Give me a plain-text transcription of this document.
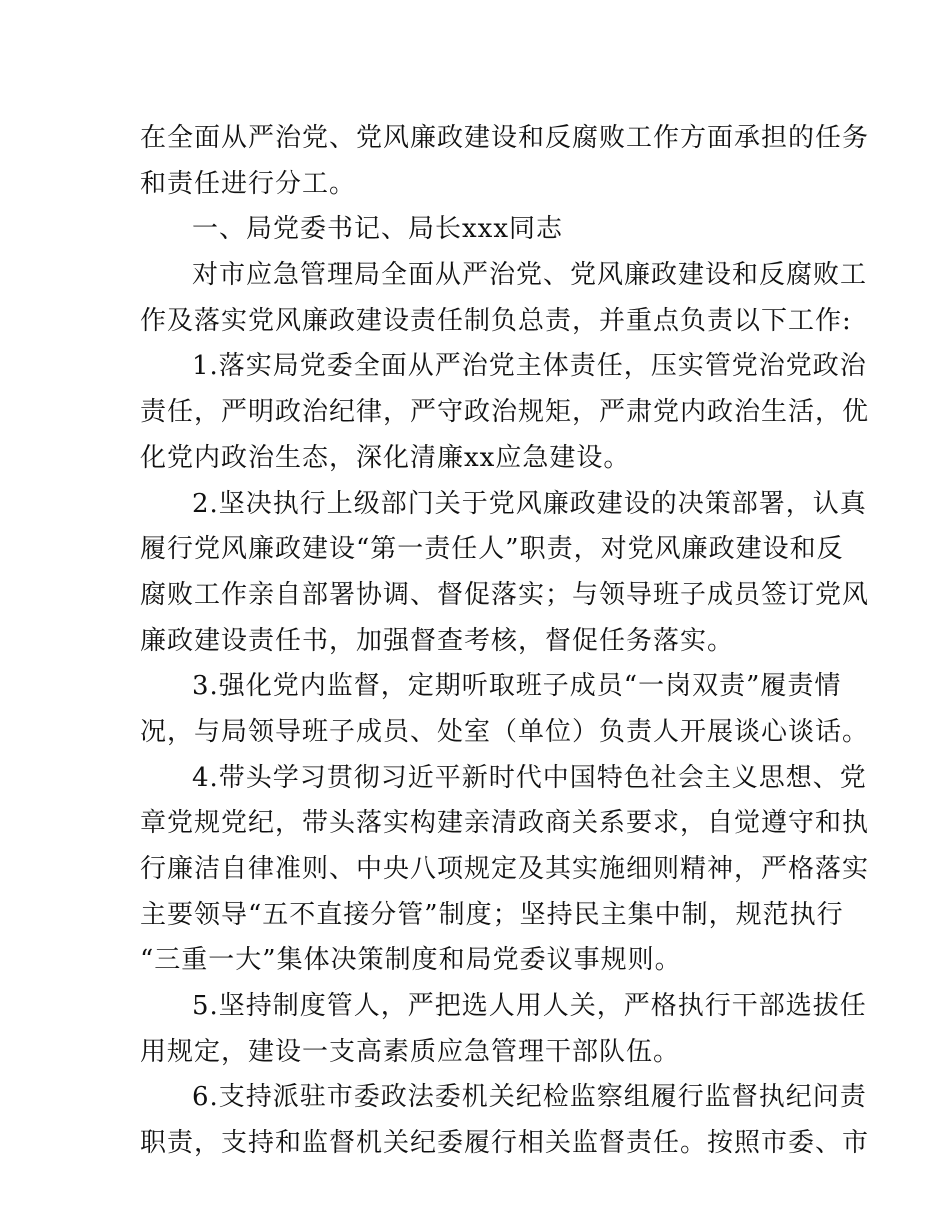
在全面从严治党、党风廉政建设和反腐败工作方面承担的任务
和责任进行分工。
一、局党委书记、局长xxx同志
对市应急管理局全面从严治党、党风廉政建设和反腐败工
作及落实党风廉政建设责任制负总责，并重点负责以下工作:
1.落实局党委全面从严治党主体责任，压实管党治党政治
责任，严明政治纪律，严守政治规矩，严肃党内政治生活，优
化党内政治生态，深化清廉xx应急建设。
2.坚决执行上级部门关于党风廉政建设的决策部署，认真
履行党风廉政建设“第一责任人”职责，对党风廉政建设和反
腐败工作亲自部署协调、督促落实；与领导班子成员签订党风
廉政建设责任书，加强督查考核，督促任务落实。
3.强化党内监督，定期听取班子成员“一岗双责”履责情
况，与局领导班子成员、处室（单位）负责人开展谈心谈话。
4.带头学习贯彻习近平新时代中国特色社会主义思想、党
章党规党纪，带头落实构建亲清政商关系要求，自觉遵守和执
行廉洁自律准则、中央八项规定及其实施细则精神，严格落实
主要领导“五不直接分管”制度；坚持民主集中制，规范执行
“三重一大”集体决策制度和局党委议事规则。
5.坚持制度管人，严把选人用人关，严格执行干部选拔任
用规定，建设一支高素质应急管理干部队伍。
6.支持派驻市委政法委机关纪检监察组履行监督执纪问责
职责，支持和监督机关纪委履行相关监督责任。按照市委、市
